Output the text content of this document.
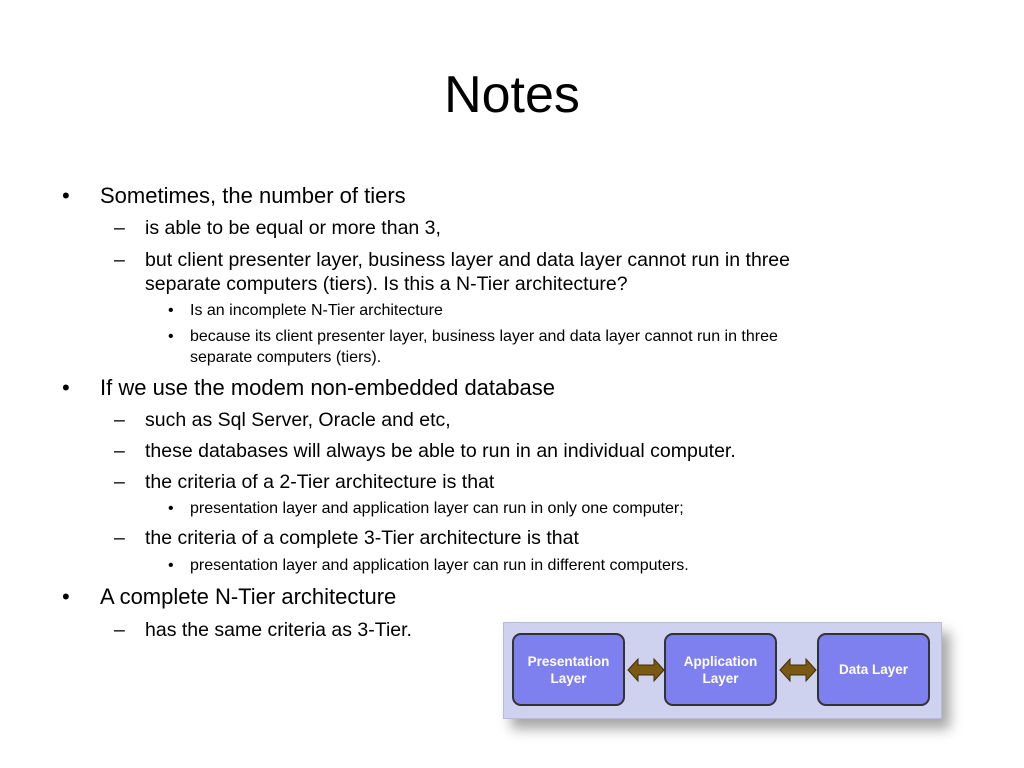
Notes
• Sometimes, the number of tiers
– is able to be equal or more than 3,
– but client presenter layer, business layer and data layer cannot run in three
separate computers (tiers). Is this a N-Tier architecture?
• Is an incomplete N-Tier architecture
• because its client presenter layer, business layer and data layer cannot run in three
separate computers (tiers).
• If we use the modem non-embedded database
– such as Sql Server, Oracle and etc,
– these databases will always be able to run in an individual computer.
– the criteria of a 2-Tier architecture is that
• presentation layer and application layer can run in only one computer;
– the criteria of a complete 3-Tier architecture is that
• presentation layer and application layer can run in different computers.
• A complete N-Tier architecture
– has the same criteria as 3-Tier.
Presentation
Layer
Application
Layer
Data Layer
